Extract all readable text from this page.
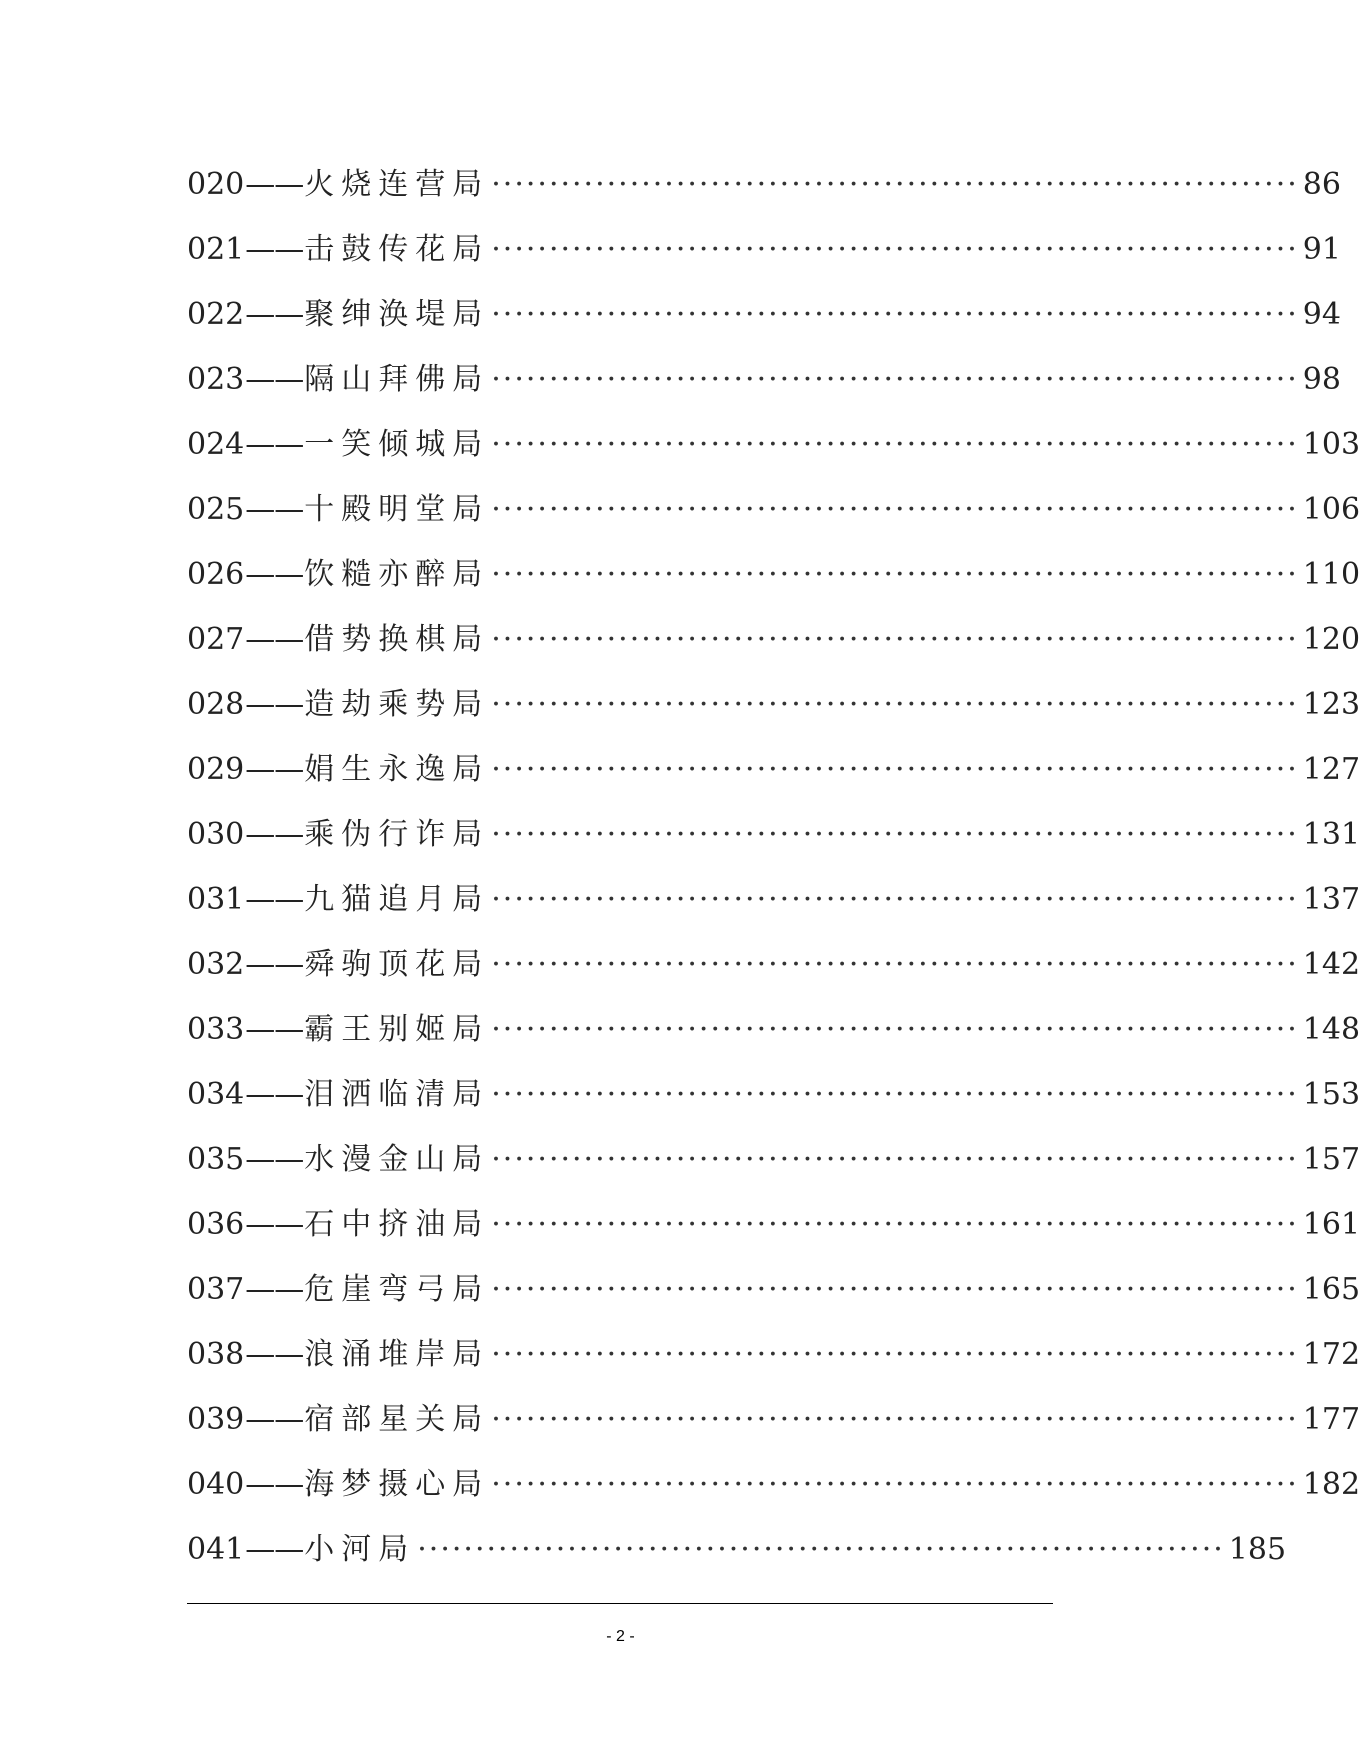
020 —— 火烧连营局 ······································································ 86
021 —— 击鼓传花局 ······································································ 91
022 —— 聚绅涣堤局 ······································································ 94
023 —— 隔山拜佛局 ······································································ 98
024 —— 一笑倾城局 ······································································ 103
025 —— 十殿明堂局 ······································································ 106
026 —— 饮糙亦醉局 ······································································ 110
027 —— 借势换棋局 ······································································ 120
028 —— 造劫乘势局 ······································································ 123
029 —— 娟生永逸局 ······································································ 127
030 —— 乘伪行诈局 ······································································ 131
031 —— 九猫追月局 ······································································ 137
032 —— 舜驹顶花局 ······································································ 142
033 —— 霸王别姬局 ······································································ 148
034 —— 泪洒临清局 ······································································ 153
035 —— 水漫金山局 ······································································ 157
036 —— 石中挤油局 ······································································ 161
037 —— 危崖弯弓局 ······································································ 165
038 —— 浪涌堆岸局 ······································································ 172
039 —— 宿部星关局 ······································································ 177
040 —— 海梦摄心局 ······································································ 182
041 —— 小河局 ······································································ 185
- 2 -
